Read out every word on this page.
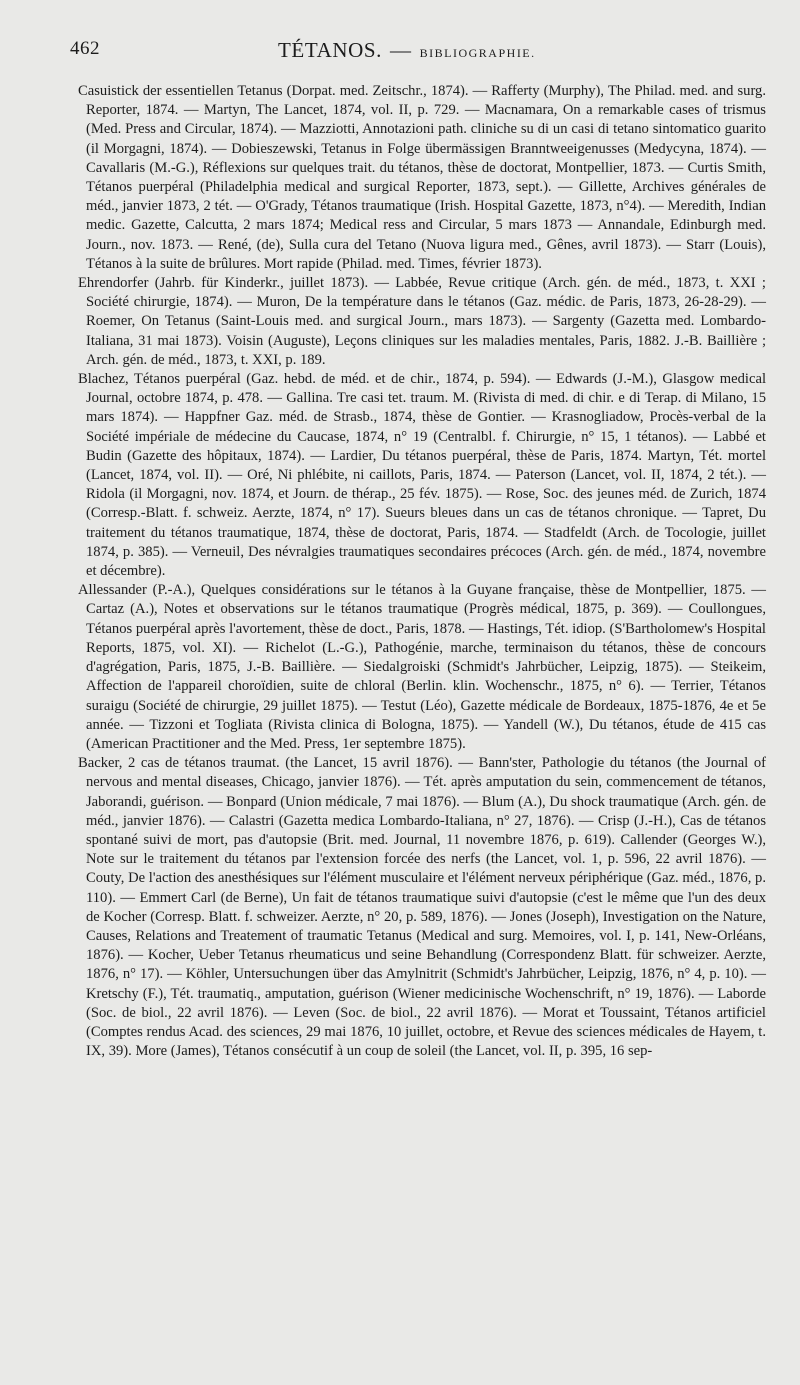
462	TÉTANOS. — BIBLIOGRAPHIE.

Casuistick der essentiellen Tetanus (Dorpat. med. Zeitschr., 1874). — Rafferty (Murphy), The Philad. med. and surg. Reporter, 1874. — Martyn, The Lancet, 1874, vol. II, p. 729. — Macnamara, On a remarkable cases of trismus (Med. Press and Circular, 1874). — Mazziotti, Annotazioni path. cliniche su di un casi di tetano sintomatico guarito (il Morgagni, 1874). — Dobieszewski, Tetanus in Folge übermässigen Branntweeigenusses (Medycyna, 1874). — Cavallaris (M.-G.), Réflexions sur quelques trait. du tétanos, thèse de doctorat, Montpellier, 1873. — Curtis Smith, Tétanos puerpéral (Philadelphia medical and surgical Reporter, 1873, sept.). — Gillette, Archives générales de méd., janvier 1873, 2 tét. — O'Grady, Tétanos traumatique (Irish. Hospital Gazette, 1873, n°4). — Meredith, Indian medic. Gazette, Calcutta, 2 mars 1874; Medical ress and Circular, 5 mars 1873 — Annandale, Edinburgh med. Journ., nov. 1873. — René, (de), Sulla cura del Tetano (Nuova ligura med., Gênes, avril 1873). — Starr (Louis), Tétanos à la suite de brûlures. Mort rapide (Philad. med. Times, février 1873).

Ehrendorfer (Jahrb. für Kinderkr., juillet 1873). — Labbée, Revue critique (Arch. gén. de méd., 1873, t. XXI ; Société chirurgie, 1874). — Muron, De la température dans le tétanos (Gaz. médic. de Paris, 1873, 26-28-29). — Roemer, On Tetanus (Saint-Louis med. and surgical Journ., mars 1873). — Sargenty (Gazetta med. Lombardo-Italiana, 31 mai 1873). Voisin (Auguste), Leçons cliniques sur les maladies mentales, Paris, 1882. J.-B. Baillière ; Arch. gén. de méd., 1873, t. XXI, p. 189.

Blachez, Tétanos puerpéral (Gaz. hebd. de méd. et de chir., 1874, p. 594). — Edwards (J.-M.), Glasgow medical Journal, octobre 1874, p. 478. — Gallina. Tre casi tet. traum. M. (Rivista di med. di chir. e di Terap. di Milano, 15 mars 1874). — Happfner Gaz. méd. de Strasb., 1874, thèse de Gontier. — Krasnogliadow, Procès-verbal de la Société impériale de médecine du Caucase, 1874, n° 19 (Centralbl. f. Chirurgie, n° 15, 1 tétanos). — Labbé et Budin (Gazette des hôpitaux, 1874). — Lardier, Du tétanos puerpéral, thèse de Paris, 1874. Martyn, Tét. mortel (Lancet, 1874, vol. II). — Oré, Ni phlébite, ni caillots, Paris, 1874. — Paterson (Lancet, vol. II, 1874, 2 tét.). — Ridola (il Morgagni, nov. 1874, et Journ. de thérap., 25 fév. 1875). — Rose, Soc. des jeunes méd. de Zurich, 1874 (Corresp.-Blatt. f. schweiz. Aerzte, 1874, n° 17). Sueurs bleues dans un cas de tétanos chronique. — Tapret, Du traitement du tétanos traumatique, 1874, thèse de doctorat, Paris, 1874. — Stadfeldt (Arch. de Tocologie, juillet 1874, p. 385). — Verneuil, Des névralgies traumatiques secondaires précoces (Arch. gén. de méd., 1874, novembre et décembre).

Allessander (P.-A.), Quelques considérations sur le tétanos à la Guyane française, thèse de Montpellier, 1875. — Cartaz (A.), Notes et observations sur le tétanos traumatique (Progrès médical, 1875, p. 369). — Coullongues, Tétanos puerpéral après l'avortement, thèse de doct., Paris, 1878. — Hastings, Tét. idiop. (S'Bartholomew's Hospital Reports, 1875, vol. XI). — Richelot (L.-G.), Pathogénie, marche, terminaison du tétanos, thèse de concours d'agrégation, Paris, 1875, J.-B. Baillière. — Siedalgroiski (Schmidt's Jahrbücher, Leipzig, 1875). — Steikeim, Affection de l'appareil choroïdien, suite de chloral (Berlin. klin. Wochenschr., 1875, n° 6). — Terrier, Tétanos suraigu (Société de chirurgie, 29 juillet 1875). — Testut (Léo), Gazette médicale de Bordeaux, 1875-1876, 4e et 5e année. — Tizzoni et Togliata (Rivista clinica di Bologna, 1875). — Yandell (W.), Du tétanos, étude de 415 cas (American Practitioner and the Med. Press, 1er septembre 1875).

Backer, 2 cas de tétanos traumat. (the Lancet, 15 avril 1876). — Bann'ster, Pathologie du tétanos (the Journal of nervous and mental diseases, Chicago, janvier 1876). — Tét. après amputation du sein, commencement de tétanos, Jaborandi, guérison. — Bonpard (Union médicale, 7 mai 1876). — Blum (A.), Du shock traumatique (Arch. gén. de méd., janvier 1876). — Calastri (Gazetta medica Lombardo-Italiana, n° 27, 1876). — Crisp (J.-H.), Cas de tétanos spontané suivi de mort, pas d'autopsie (Brit. med. Journal, 11 novembre 1876, p. 619). Callender (Georges W.), Note sur le traitement du tétanos par l'extension forcée des nerfs (the Lancet, vol. 1, p. 596, 22 avril 1876). — Couty, De l'action des anesthésiques sur l'élément musculaire et l'élément nerveux périphérique (Gaz. méd., 1876, p. 110). — Emmert Carl (de Berne), Un fait de tétanos traumatique suivi d'autopsie (c'est le même que l'un des deux de Kocher (Corresp. Blatt. f. schweizer. Aerzte, n° 20, p. 589, 1876). — Jones (Joseph), Investigation on the Nature, Causes, Relations and Treatement of traumatic Tetanus (Medical and surg. Memoires, vol. I, p. 141, New-Orléans, 1876). — Kocher, Ueber Tetanus rheumaticus und seine Behandlung (Correspondenz Blatt. für schweizer. Aerzte, 1876, n° 17). — Köhler, Untersuchungen über das Amylnitrit (Schmidt's Jahrbücher, Leipzig, 1876, n° 4, p. 10). — Kretschy (F.), Tét. traumatiq., amputation, guérison (Wiener medicinische Wochenschrift, n° 19, 1876). — Laborde (Soc. de biol., 22 avril 1876). — Leven (Soc. de biol., 22 avril 1876). — Morat et Toussaint, Tétanos artificiel (Comptes rendus Acad. des sciences, 29 mai 1876, 10 juillet, octobre, et Revue des sciences médicales de Hayem, t. IX, 39). More (James), Tétanos consécutif à un coup de soleil (the Lancet, vol. II, p. 395, 16 sep-
